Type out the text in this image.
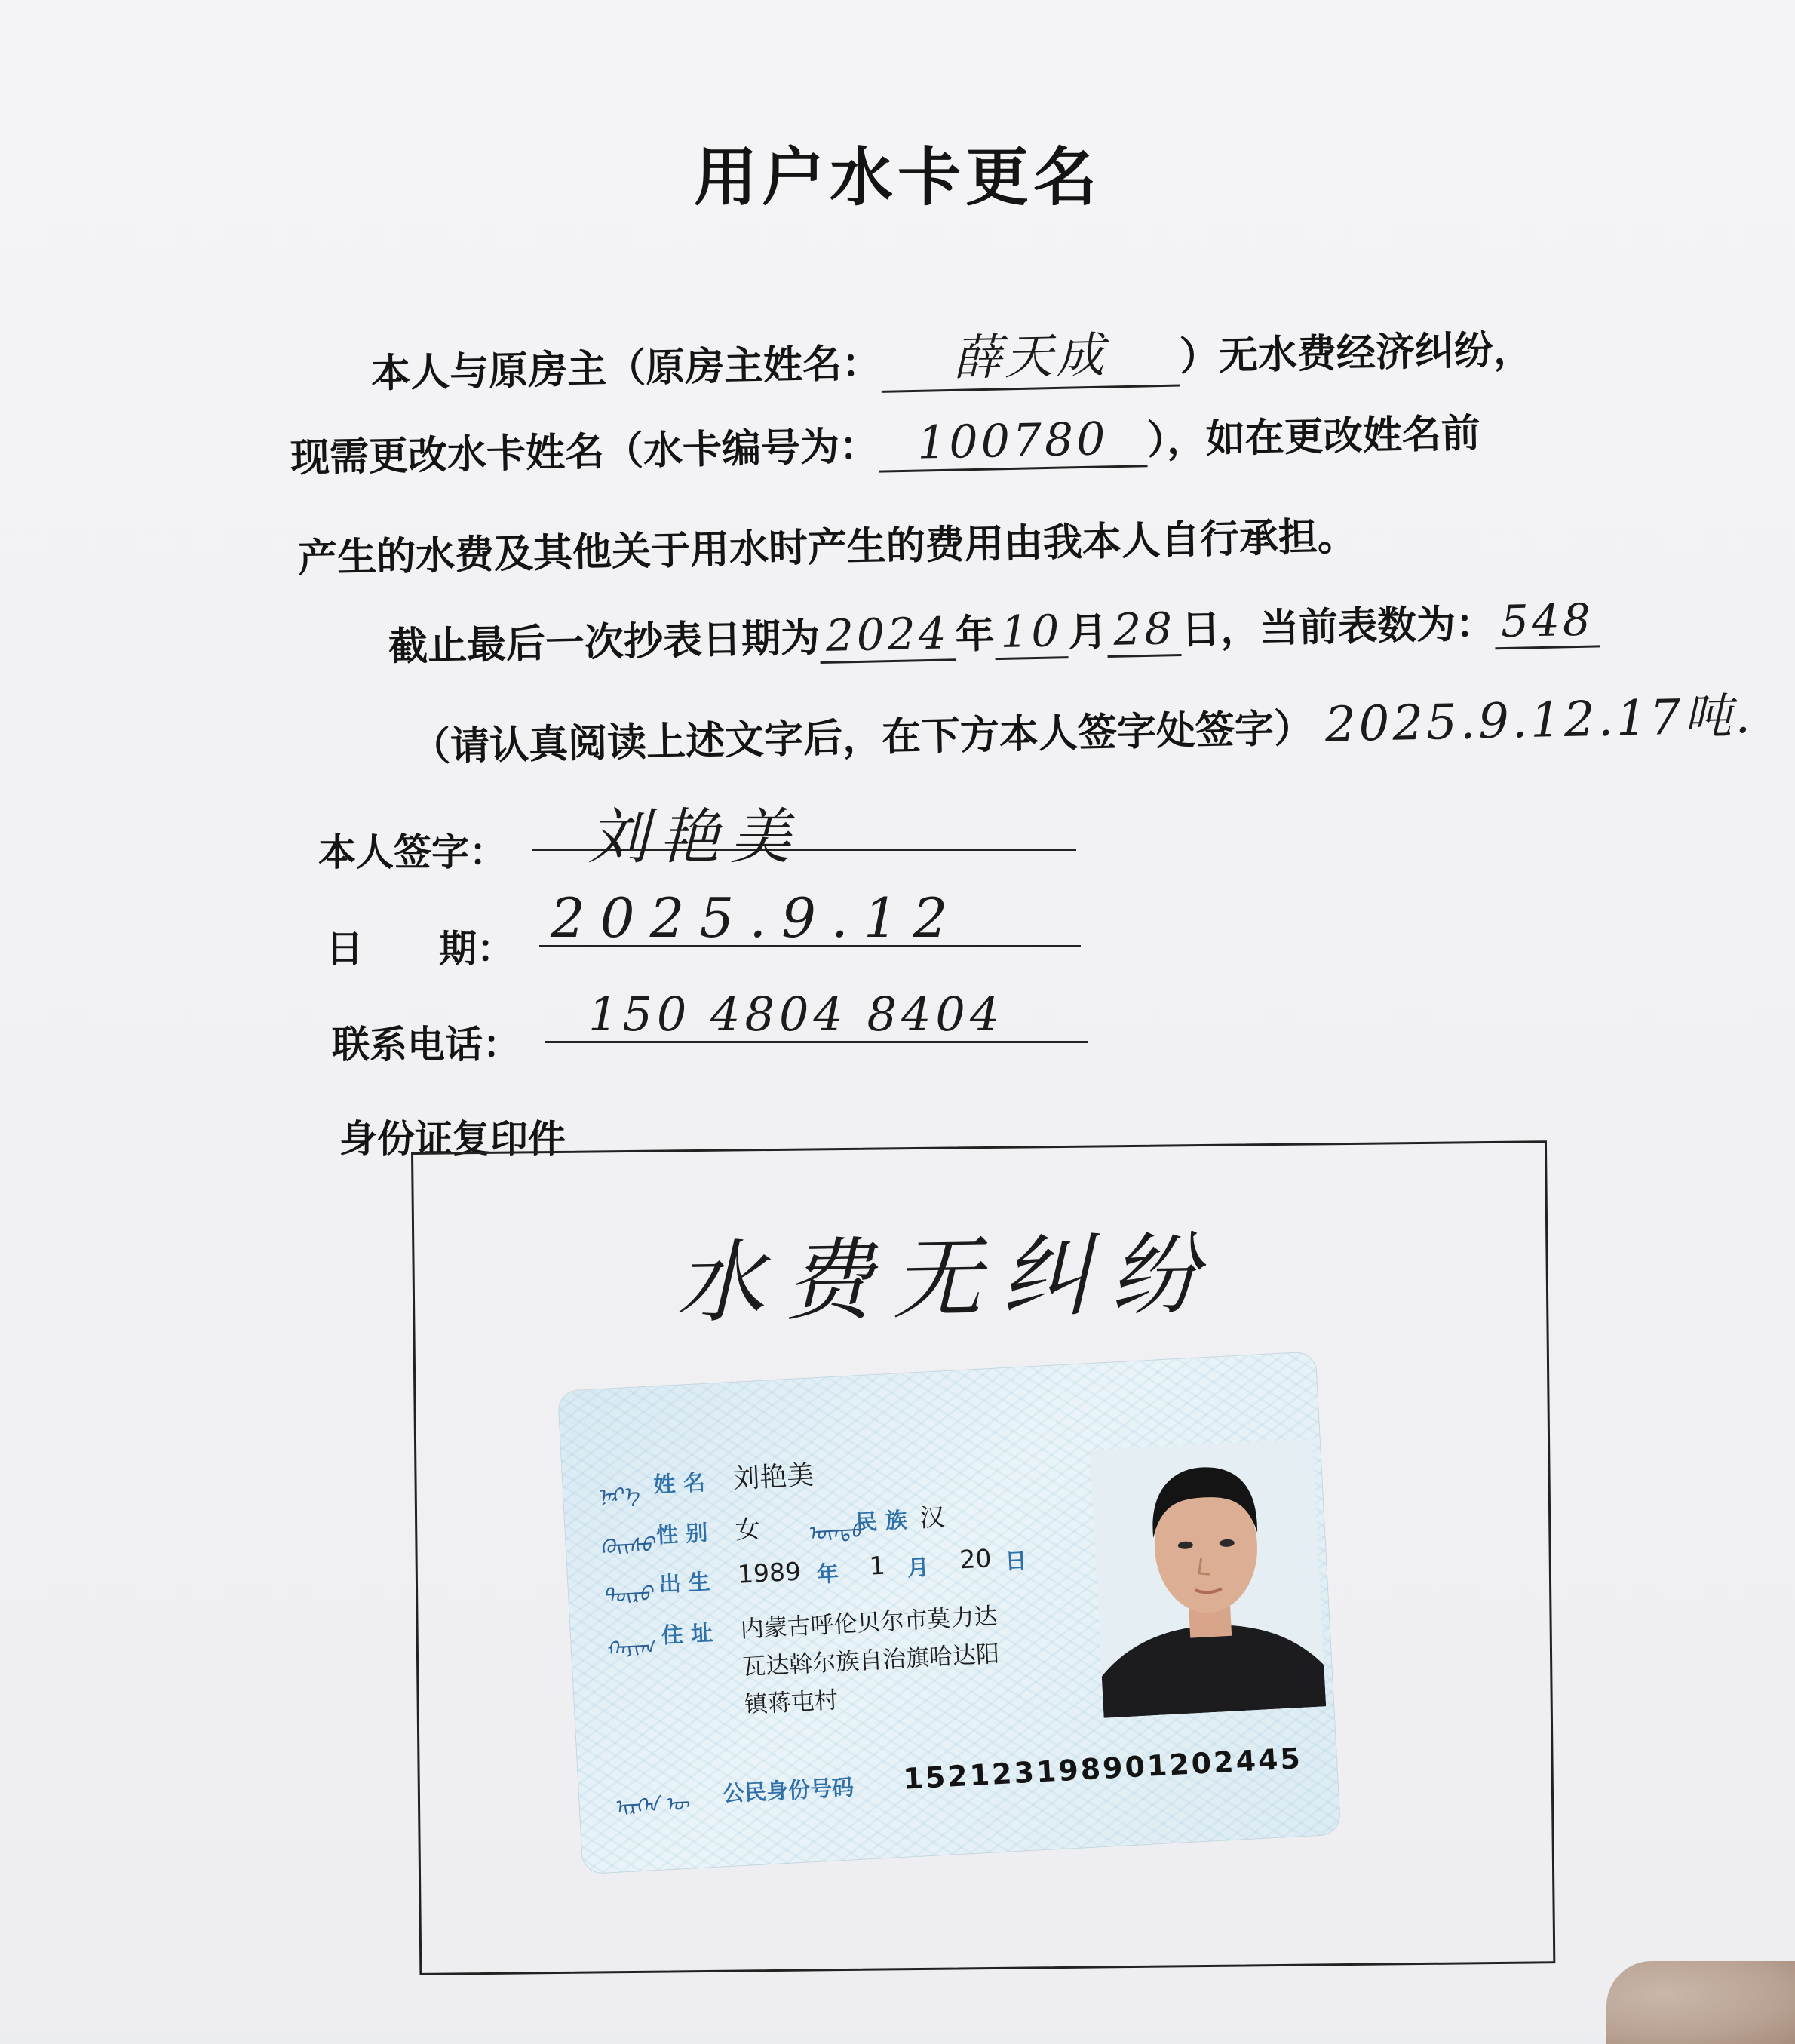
用户水卡更名
本人与原房主（原房主姓名： 薛天成 ）无水费经济纠纷，
现需更改水卡姓名（水卡编号为： 100780 ），如在更改姓名前
产生的水费及其他关于用水时产生的费用由我本人自行承担。
截止最后一次抄表日期为 2024 年 10 月 28 日，当前表数为： 548
（请认真阅读上述文字后，在下方本人签字处签字） 2025.9.12.17吨.
本人签字： 刘艳美
日　　期： 2025.9.12
联系电话：
150 4804 8404
身份证复印件
水费无纠纷
ᠨᠡᠷ᠎ᠡ 姓 名 刘艳美
ᠬᠦᠢᠰᠦ 性 别 女 ᠦᠨᠳᠦ
民 族 汉
ᠲᠦᠷᠦ 出 生 1989 年 1 月 20 日
ᠬᠠᠶᠢᠭ
住 址 内蒙古呼伦贝尔市莫力达
瓦达斡尔族自治旗哈达阳
镇蒋屯村
ᠢᠷᠭᠡᠨ ᠦ 公民身份号码 152123198901202445
